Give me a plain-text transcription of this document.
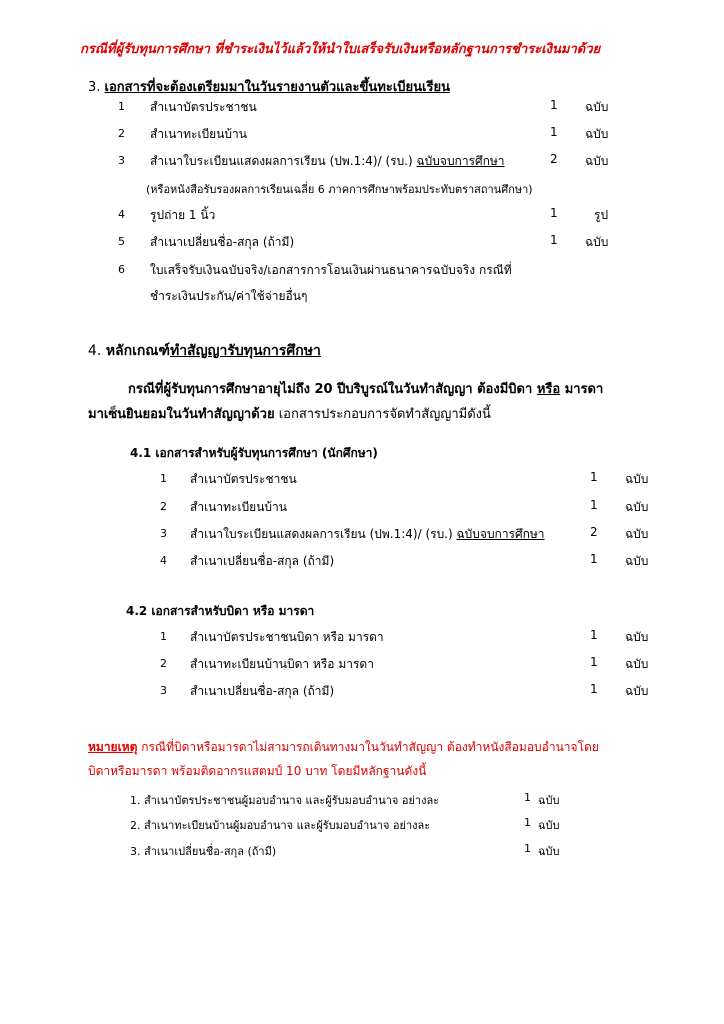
กรณีที่ผู้รับทุนการศึกษา ที่ชำระเงินไว้แล้วให้นำใบเสร็จรับเงินหรือหลักฐานการชำระเงินมาด้วย
3. เอกสารที่จะต้องเตรียมมาในวันรายงานตัวและขึ้นทะเบียนเรียน
1 สำเนาบัตรประชาชน	1 ฉบับ
2 สำเนาทะเบียนบ้าน	1 ฉบับ
3 สำเนาใบระเบียนแสดงผลการเรียน (ปพ.1:4)/ (รบ.) ฉบับจบการศึกษา	2 ฉบับ
(หรือหนังสือรับรองผลการเรียนเฉลี่ย 6 ภาคการศึกษาพร้อมประทับตราสถานศึกษา)
4 รูปถ่าย 1 นิ้ว	1	รูป
5 สำเนาเปลี่ยนชื่อ-สกุล (ถ้ามี)	1 ฉบับ
6 ใบเสร็จรับเงินฉบับจริง/เอกสารการโอนเงินผ่านธนาคารฉบับจริง กรณีที่
ชำระเงินประกัน/ค่าใช้จ่ายอื่นๆ
4. หลักเกณฑ์ทำสัญญารับทุนการศึกษา
กรณีที่ผู้รับทุนการศึกษาอายุไม่ถึง 20 ปีบริบูรณ์ในวันทำสัญญา ต้องมีบิดา หรือ มารดา
มาเซ็นยินยอมในวันทำสัญญาด้วย เอกสารประกอบการจัดทำสัญญามีดังนี้
4.1 เอกสารสำหรับผู้รับทุนการศึกษา (นักศึกษา)
1 สำเนาบัตรประชาชน	1 ฉบับ
2 สำเนาทะเบียนบ้าน	1 ฉบับ
3 สำเนาใบระเบียนแสดงผลการเรียน (ปพ.1:4)/ (รบ.) ฉบับจบการศึกษา	2 ฉบับ
4 สำเนาเปลี่ยนชื่อ-สกุล (ถ้ามี)	1 ฉบับ
4.2 เอกสารสำหรับบิดา หรือ มารดา
1 สำเนาบัตรประชาชนบิดา หรือ มารดา	1 ฉบับ
2 สำเนาทะเบียนบ้านบิดา หรือ มารดา	1 ฉบับ
3 สำเนาเปลี่ยนชื่อ-สกุล (ถ้ามี)	1 ฉบับ
หมายเหตุ กรณีที่บิดาหรือมารดาไม่สามารถเดินทางมาในวันทำสัญญา ต้องทำหนังสือมอบอำนาจโดย
บิดาหรือมารดา พร้อมติดอากรแสตมป์ 10 บาท โดยมีหลักฐานดังนี้
1. สำเนาบัตรประชาชนผู้มอบอำนาจ และผู้รับมอบอำนาจ อย่างละ	1 ฉบับ
2. สำเนาทะเบียนบ้านผู้มอบอำนาจ และผู้รับมอบอำนาจ อย่างละ	1 ฉบับ
3. สำเนาเปลี่ยนชื่อ-สกุล (ถ้ามี)	1 ฉบับ
